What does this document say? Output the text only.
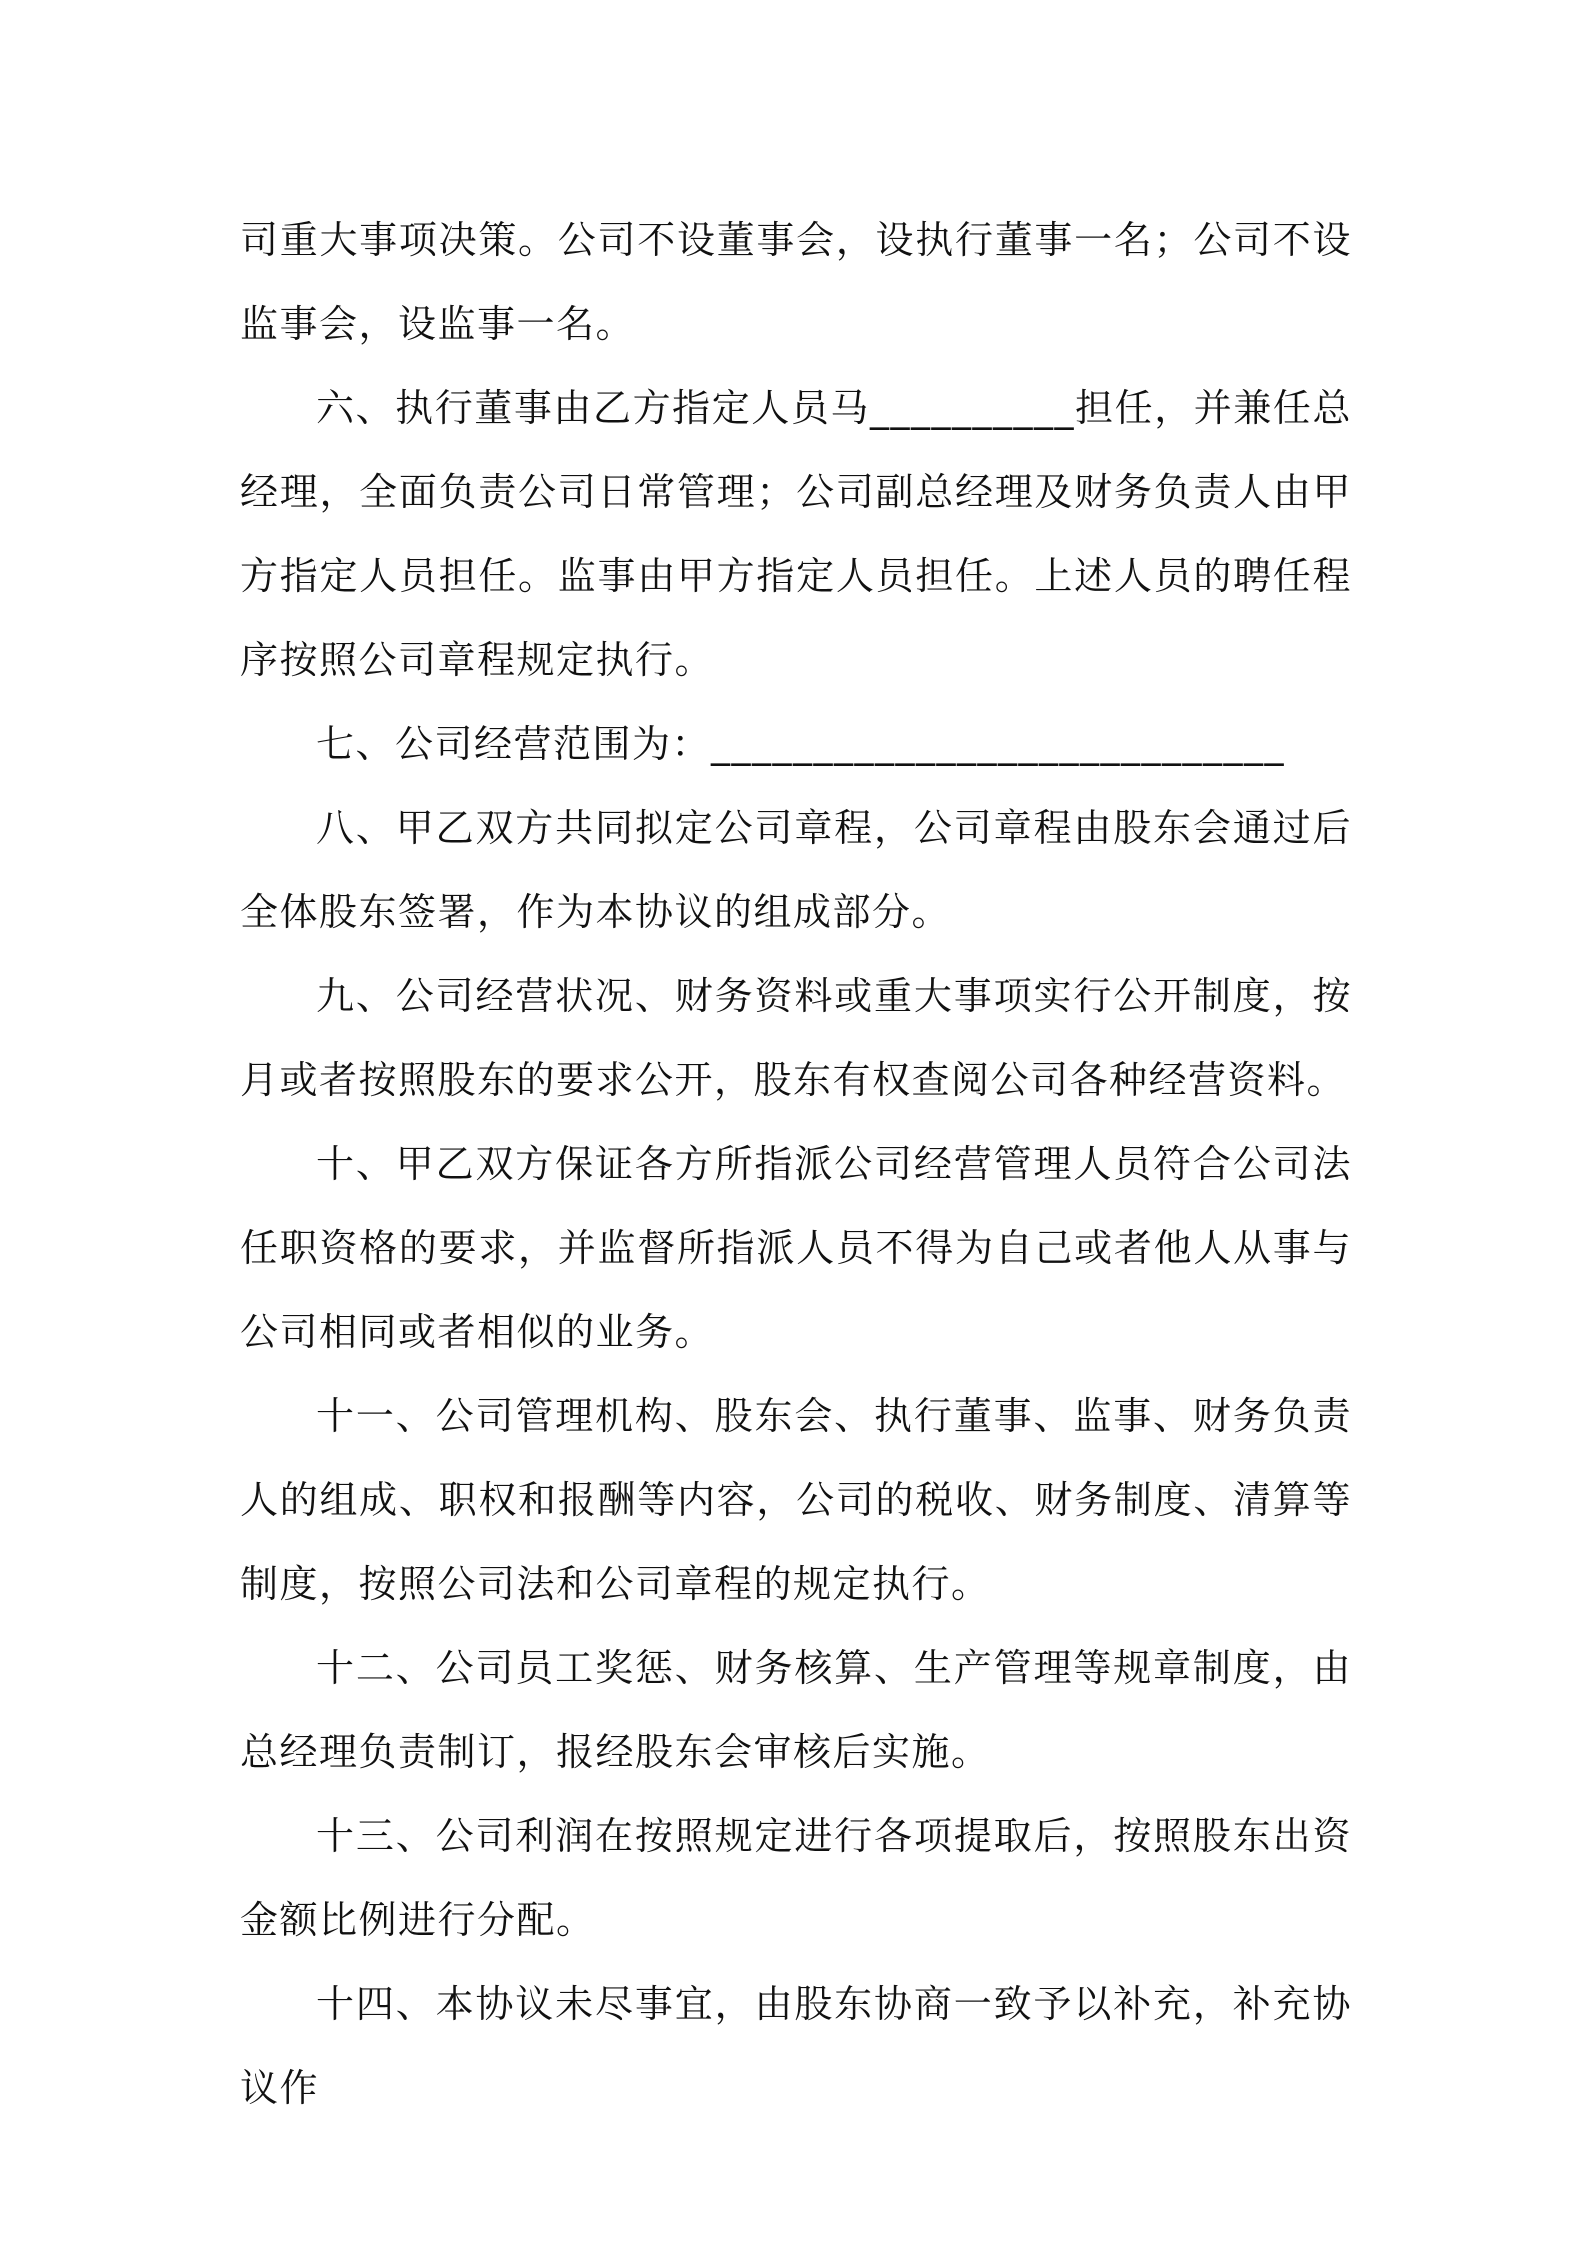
司重大事项决策。公司不设董事会，设执行董事一名；公司不设监事会，设监事一名。

六、执行董事由乙方指定人员马__________担任，并兼任总经理，全面负责公司日常管理；公司副总经理及财务负责人由甲方指定人员担任。监事由甲方指定人员担任。上述人员的聘任程序按照公司章程规定执行。

七、公司经营范围为：____________________________

八、甲乙双方共同拟定公司章程，公司章程由股东会通过后全体股东签署，作为本协议的组成部分。

九、公司经营状况、财务资料或重大事项实行公开制度，按月或者按照股东的要求公开，股东有权查阅公司各种经营资料。

十、甲乙双方保证各方所指派公司经营管理人员符合公司法任职资格的要求，并监督所指派人员不得为自己或者他人从事与公司相同或者相似的业务。

十一、公司管理机构、股东会、执行董事、监事、财务负责人的组成、职权和报酬等内容，公司的税收、财务制度、清算等制度，按照公司法和公司章程的规定执行。

十二、公司员工奖惩、财务核算、生产管理等规章制度，由总经理负责制订，报经股东会审核后实施。

十三、公司利润在按照规定进行各项提取后，按照股东出资金额比例进行分配。

十四、本协议未尽事宜，由股东协商一致予以补充，补充协议作
